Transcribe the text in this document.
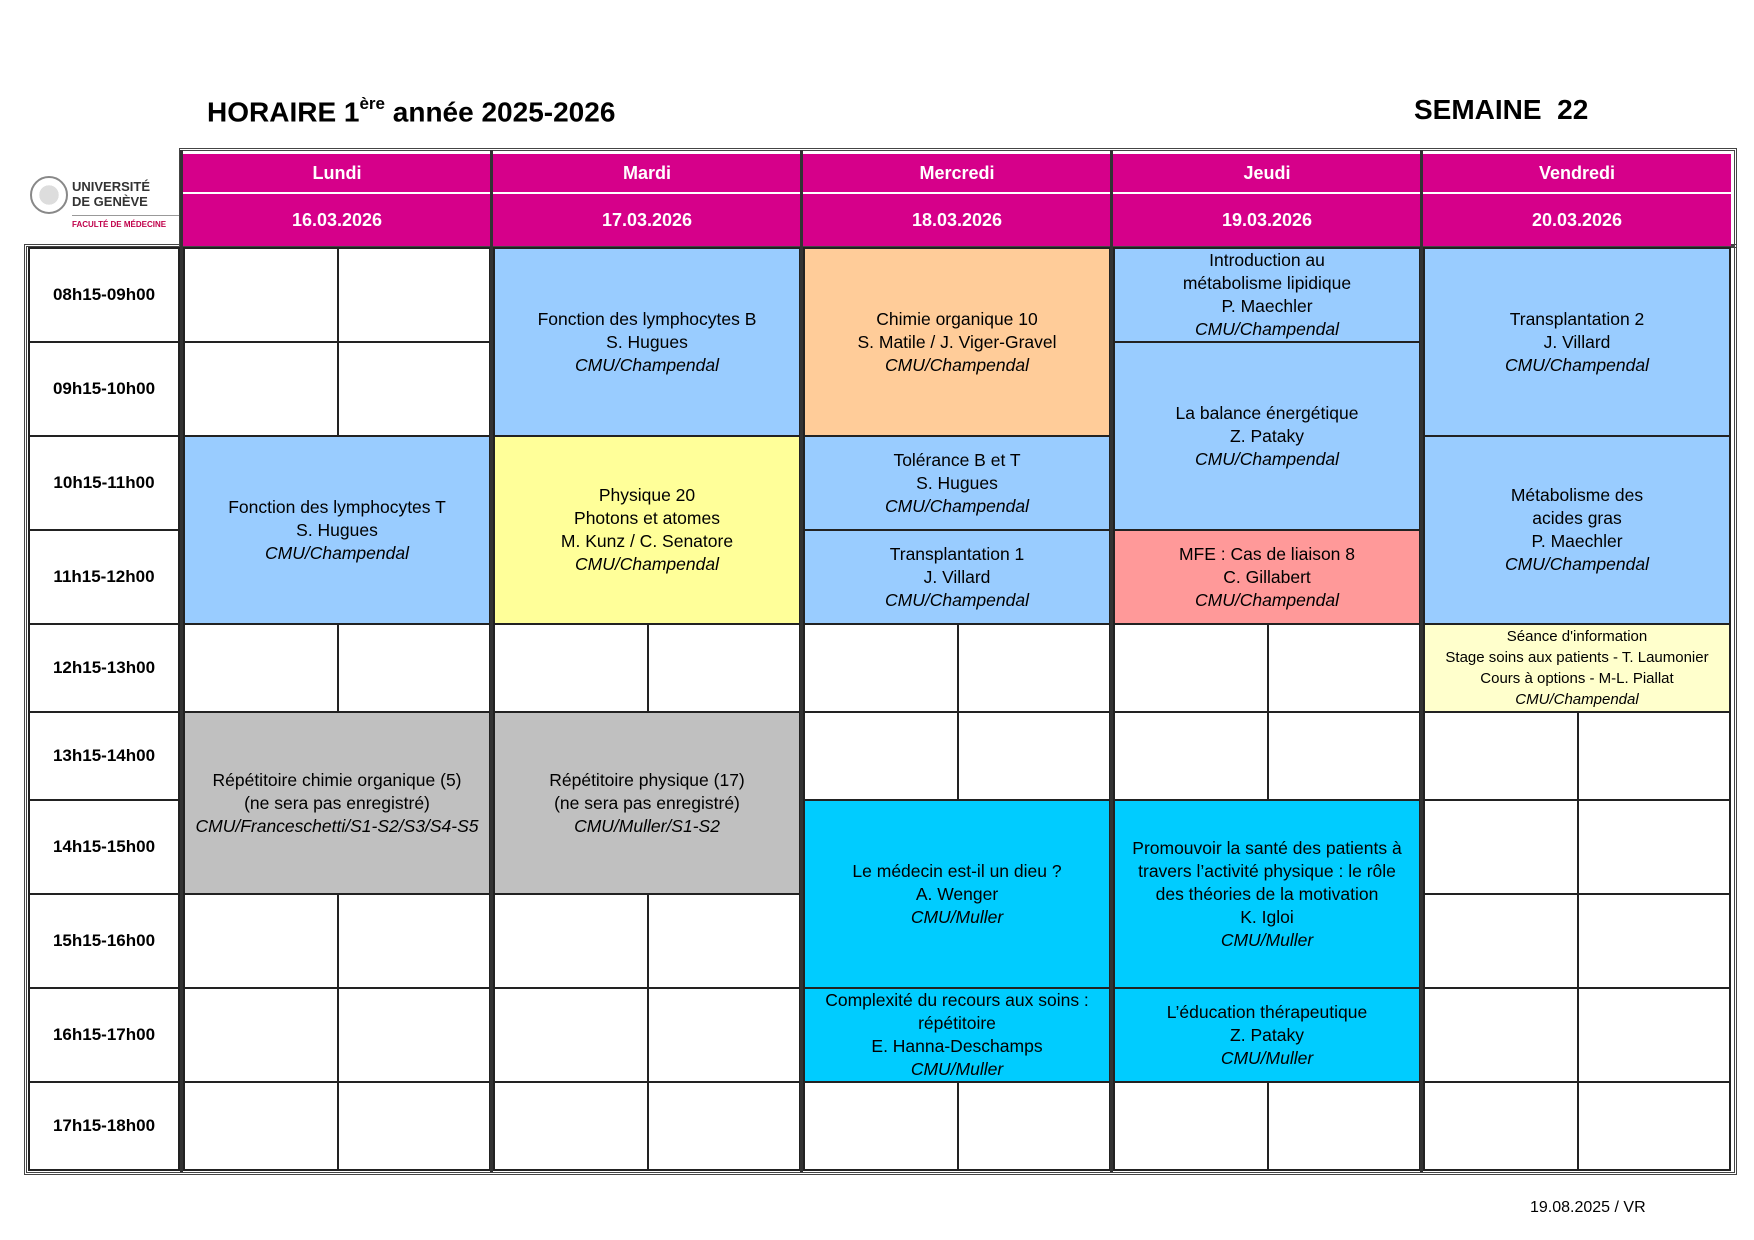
HORAIRE 1ère année 2025-2026	SEMAINE  22
UNIVERSITÉ
DE GENÈVE
FACULTÉ DE MÉDECINE
Lundi
16.03.2026
Mardi
17.03.2026
Mercredi
18.03.2026
Jeudi
19.03.2026
Vendredi
20.03.2026
08h15-09h00
09h15-10h00
10h15-11h00
11h15-12h00
12h15-13h00
13h15-14h00
14h15-15h00
15h15-16h00
16h15-17h00
17h15-18h00
Fonction des lymphocytes T
S. Hugues
CMU/Champendal
Répétitoire chimie organique (5)
(ne sera pas enregistré)
CMU/Franceschetti/S1-S2/S3/S4-S5
Fonction des lymphocytes B
S. Hugues
CMU/Champendal
Physique 20
Photons et atomes
M. Kunz / C. Senatore
CMU/Champendal
Répétitoire physique (17)
(ne sera pas enregistré)
CMU/Muller/S1-S2
Chimie organique 10
S. Matile / J. Viger-Gravel
CMU/Champendal
Tolérance B et T
S. Hugues
CMU/Champendal
Transplantation 1
J. Villard
CMU/Champendal
Le médecin est-il un dieu ?
A. Wenger
CMU/Muller
Complexité du recours aux soins :
répétitoire
E. Hanna-Deschamps
CMU/Muller
Introduction au
métabolisme lipidique
P. Maechler
CMU/Champendal
La balance énergétique
Z. Pataky
CMU/Champendal
MFE : Cas de liaison 8
C. Gillabert
CMU/Champendal
Promouvoir la santé des patients à
travers l’activité physique : le rôle
des théories de la motivation
K. Igloi
CMU/Muller
L’éducation thérapeutique
Z. Pataky
CMU/Muller
Transplantation 2
J. Villard
CMU/Champendal
Métabolisme des
acides gras
P. Maechler
CMU/Champendal
Séance d'information
Stage soins aux patients - T. Laumonier
Cours à options - M-L. Piallat
CMU/Champendal
19.08.2025 / VR
